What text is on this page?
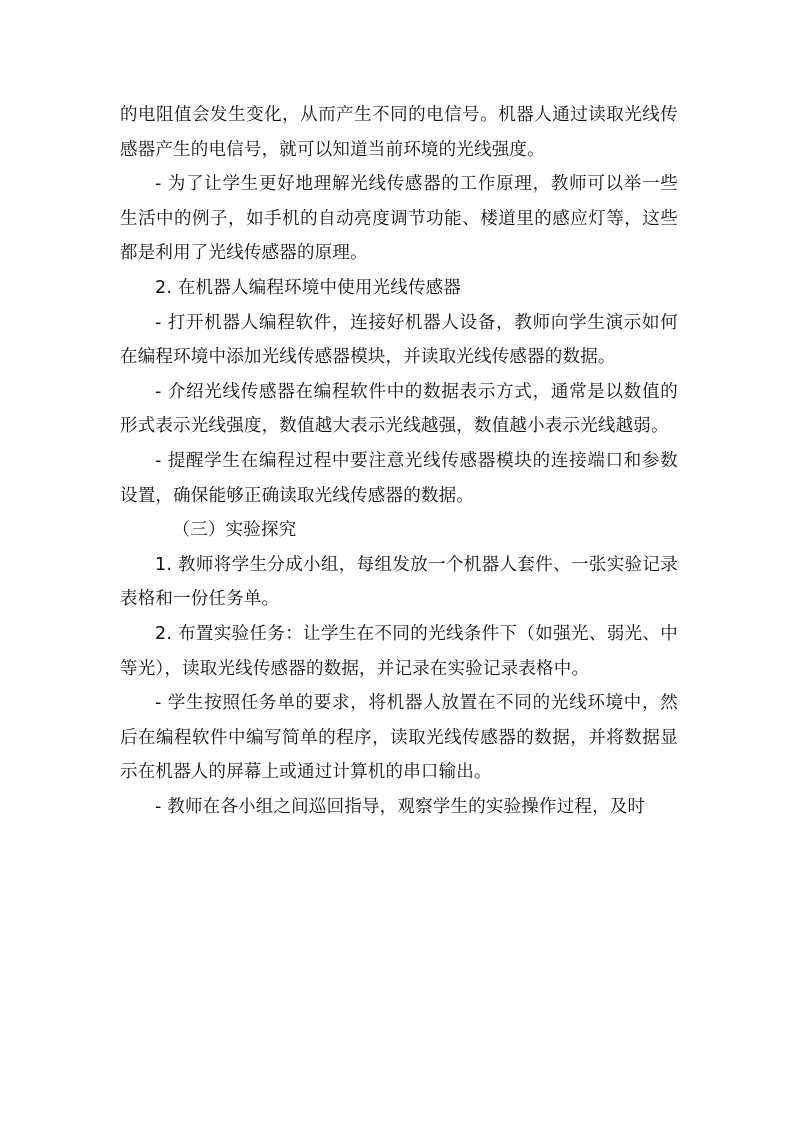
的电阻值会发生变化，从而产生不同的电信号。机器人通过读取光线传感器产生的电信号，就可以知道当前环境的光线强度。

- 为了让学生更好地理解光线传感器的工作原理，教师可以举一些生活中的例子，如手机的自动亮度调节功能、楼道里的感应灯等，这些都是利用了光线传感器的原理。

2. 在机器人编程环境中使用光线传感器

- 打开机器人编程软件，连接好机器人设备，教师向学生演示如何在编程环境中添加光线传感器模块，并读取光线传感器的数据。

- 介绍光线传感器在编程软件中的数据表示方式，通常是以数值的形式表示光线强度，数值越大表示光线越强，数值越小表示光线越弱。

- 提醒学生在编程过程中要注意光线传感器模块的连接端口和参数设置，确保能够正确读取光线传感器的数据。

（三）实验探究

1. 教师将学生分成小组，每组发放一个机器人套件、一张实验记录表格和一份任务单。

2. 布置实验任务：让学生在不同的光线条件下（如强光、弱光、中等光），读取光线传感器的数据，并记录在实验记录表格中。

- 学生按照任务单的要求，将机器人放置在不同的光线环境中，然后在编程软件中编写简单的程序，读取光线传感器的数据，并将数据显示在机器人的屏幕上或通过计算机的串口输出。

- 教师在各小组之间巡回指导，观察学生的实验操作过程，及时
